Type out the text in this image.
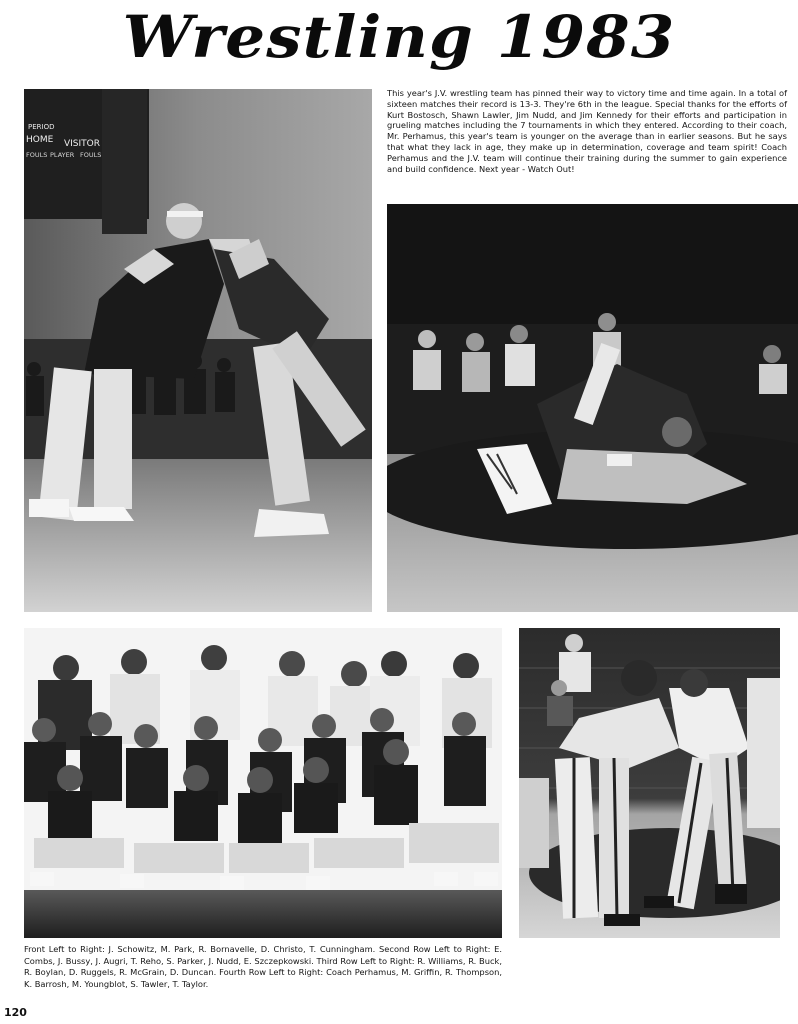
Wrestling 1983
PERIOD
HOME VISITOR
FOULS PLAYER FOULS
This year's J.V. wrestling team has pinned their way to victory time and time again. In a total of sixteen matches their record is 13-3. They're 6th in the league. Special thanks for the efforts of Kurt Bostosch, Shawn Lawler, Jim Nudd, and Jim Kennedy for their efforts and participation in grueling matches including the 7 tournaments in which they entered. According to their coach, Mr. Perhamus, this year's team is younger on the average than in earlier seasons. But he says that what they lack in age, they make up in determination, coverage and team spirit! Coach Perhamus and the J.V. team will continue their training during the summer to gain experience and build confidence. Next year - Watch Out!
Front Left to Right: J. Schowitz, M. Park, R. Bornavelle, D. Christo, T. Cunningham. Second Row Left to Right: E. Combs, J. Bussy, J. Augri, T. Reho, S. Parker, J. Nudd, E. Szczepkowski. Third Row Left to Right: R. Williams, R. Buck, R. Boylan, D. Ruggels, R. McGrain, D. Duncan. Fourth Row Left to Right: Coach Perhamus, M. Griffin, R. Thompson, K. Barrosh, M. Youngblot, S. Tawler, T. Taylor.
120
